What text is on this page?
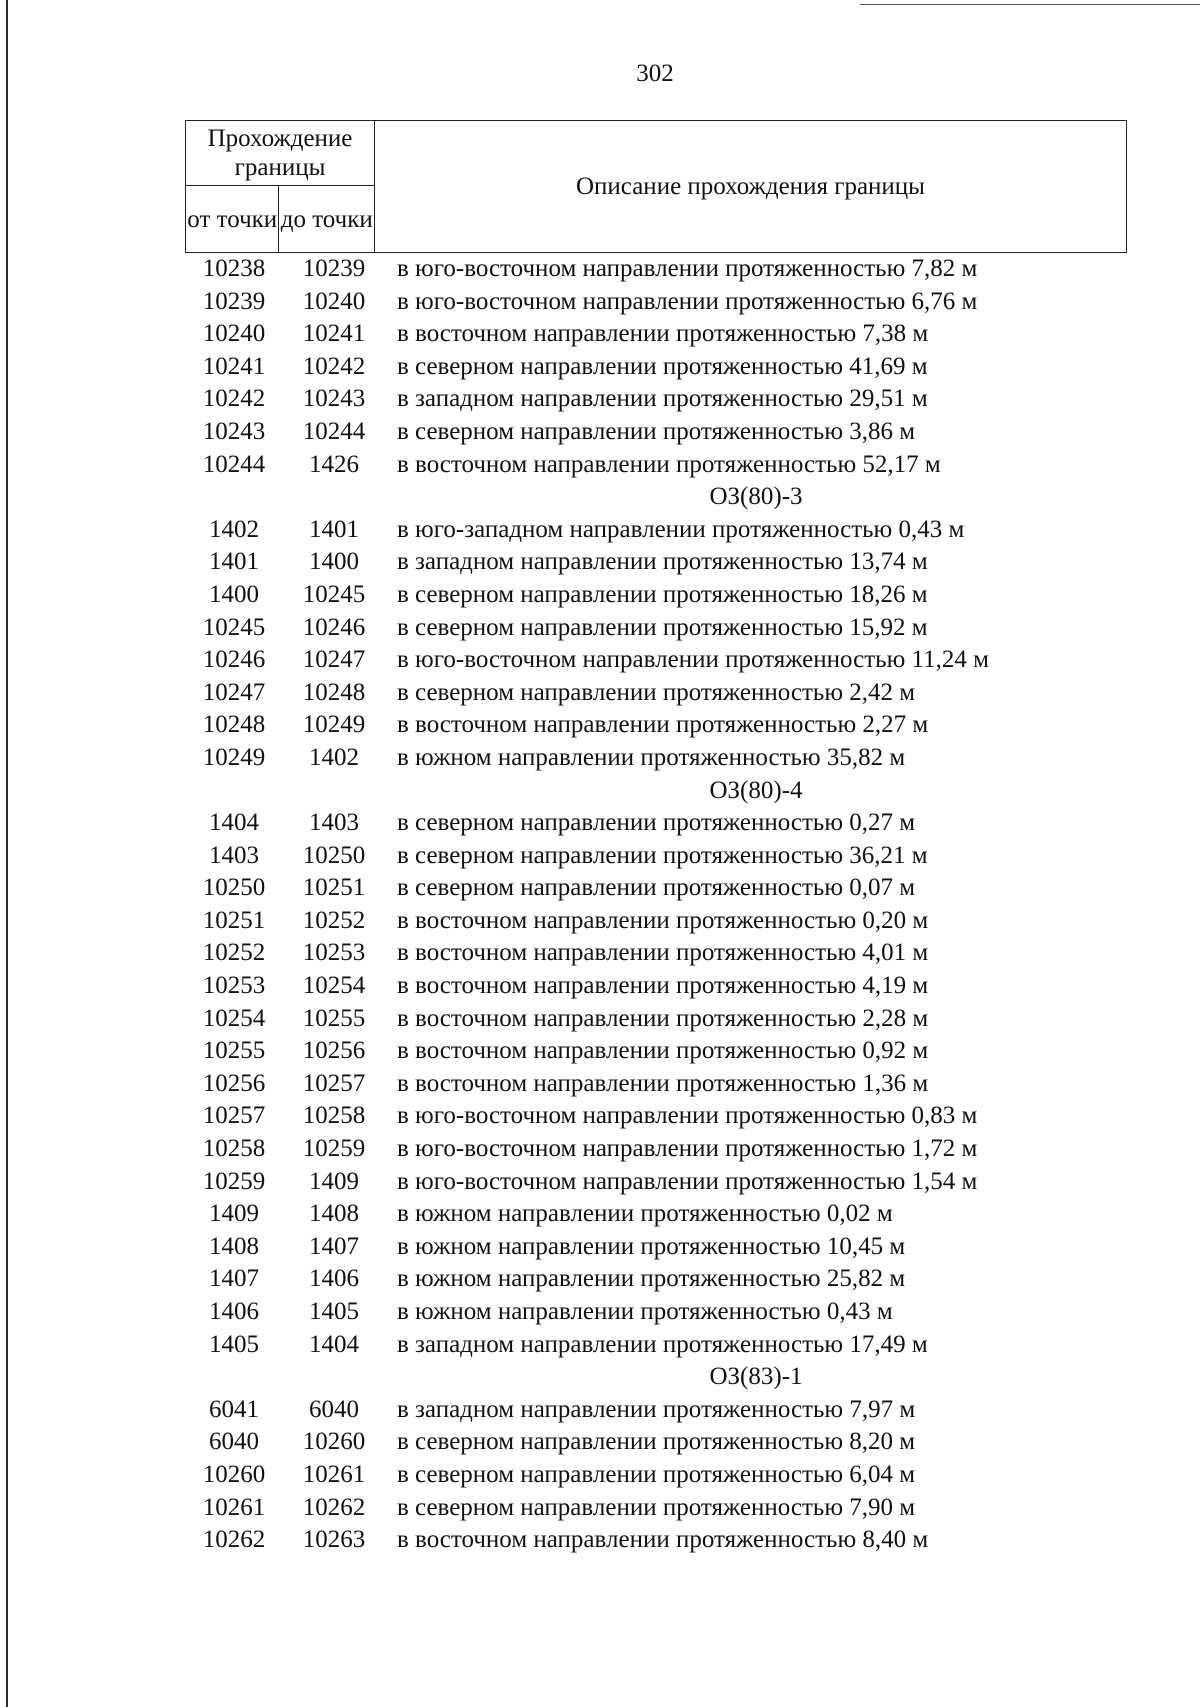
302
Прохождение границы		Описание прохождения границы
от точки	до точки	
10238	10239	в юго-восточном направлении протяженностью 7,82 м
10239	10240	в юго-восточном направлении протяженностью 6,76 м
10240	10241	в восточном направлении протяженностью 7,38 м
10241	10242	в северном направлении протяженностью 41,69 м
10242	10243	в западном направлении протяженностью 29,51 м
10243	10244	в северном направлении протяженностью 3,86 м
10244	1426	в восточном направлении протяженностью 52,17 м
ОЗ(80)-3
1402	1401	в юго-западном направлении протяженностью 0,43 м
1401	1400	в западном направлении протяженностью 13,74 м
1400	10245	в северном направлении протяженностью 18,26 м
10245	10246	в северном направлении протяженностью 15,92 м
10246	10247	в юго-восточном направлении протяженностью 11,24 м
10247	10248	в северном направлении протяженностью 2,42 м
10248	10249	в восточном направлении протяженностью 2,27 м
10249	1402	в южном направлении протяженностью 35,82 м
ОЗ(80)-4
1404	1403	в северном направлении протяженностью 0,27 м
1403	10250	в северном направлении протяженностью 36,21 м
10250	10251	в северном направлении протяженностью 0,07 м
10251	10252	в восточном направлении протяженностью 0,20 м
10252	10253	в восточном направлении протяженностью 4,01 м
10253	10254	в восточном направлении протяженностью 4,19 м
10254	10255	в восточном направлении протяженностью 2,28 м
10255	10256	в восточном направлении протяженностью 0,92 м
10256	10257	в восточном направлении протяженностью 1,36 м
10257	10258	в юго-восточном направлении протяженностью 0,83 м
10258	10259	в юго-восточном направлении протяженностью 1,72 м
10259	1409	в юго-восточном направлении протяженностью 1,54 м
1409	1408	в южном направлении протяженностью 0,02 м
1408	1407	в южном направлении протяженностью 10,45 м
1407	1406	в южном направлении протяженностью 25,82 м
1406	1405	в южном направлении протяженностью 0,43 м
1405	1404	в западном направлении протяженностью 17,49 м
ОЗ(83)-1
6041	6040	в западном направлении протяженностью 7,97 м
6040	10260	в северном направлении протяженностью 8,20 м
10260	10261	в северном направлении протяженностью 6,04 м
10261	10262	в северном направлении протяженностью 7,90 м
10262	10263	в восточном направлении протяженностью 8,40 м
